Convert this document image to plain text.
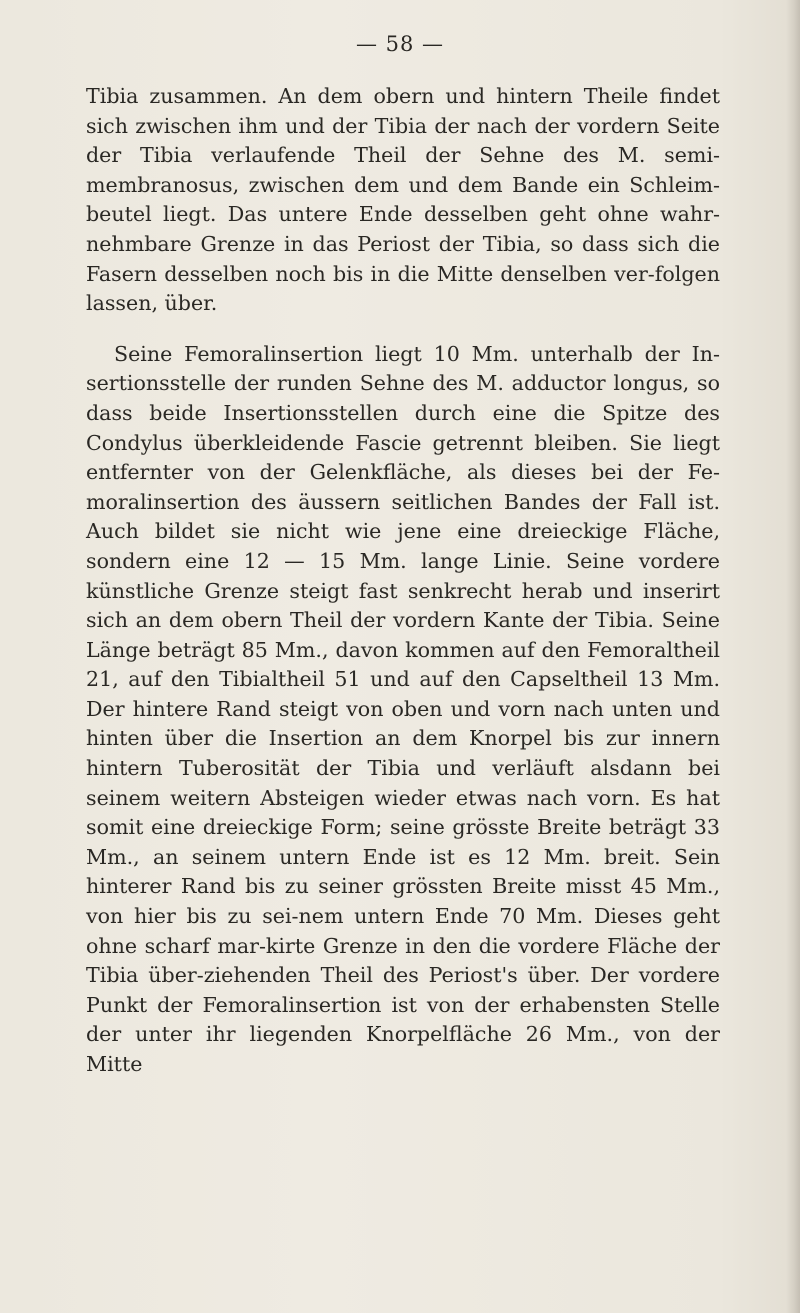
— 58 —

Tibia zusammen. An dem obern und hintern Theile findet sich zwischen ihm und der Tibia der nach der vordern Seite der Tibia verlaufende Theil der Sehne des M. semi-membranosus, zwischen dem und dem Bande ein Schleim-beutel liegt. Das untere Ende desselben geht ohne wahr-nehmbare Grenze in das Periost der Tibia, so dass sich die Fasern desselben noch bis in die Mitte denselben ver-folgen lassen, über.

Seine Femoralinsertion liegt 10 Mm. unterhalb der In-sertionsstelle der runden Sehne des M. adductor longus, so dass beide Insertionsstellen durch eine die Spitze des Condylus überkleidende Fascie getrennt bleiben. Sie liegt entfernter von der Gelenkfläche, als dieses bei der Fe-moralinsertion des äussern seitlichen Bandes der Fall ist. Auch bildet sie nicht wie jene eine dreieckige Fläche, sondern eine 12 — 15 Mm. lange Linie. Seine vordere künstliche Grenze steigt fast senkrecht herab und inserirt sich an dem obern Theil der vordern Kante der Tibia. Seine Länge beträgt 85 Mm., davon kommen auf den Femoraltheil 21, auf den Tibialtheil 51 und auf den Capseltheil 13 Mm. Der hintere Rand steigt von oben und vorn nach unten und hinten über die Insertion an dem Knorpel bis zur innern hintern Tuberosität der Tibia und verläuft alsdann bei seinem weitern Absteigen wieder etwas nach vorn. Es hat somit eine dreieckige Form; seine grösste Breite beträgt 33 Mm., an seinem untern Ende ist es 12 Mm. breit. Sein hinterer Rand bis zu seiner grössten Breite misst 45 Mm., von hier bis zu sei-nem untern Ende 70 Mm. Dieses geht ohne scharf mar-kirte Grenze in den die vordere Fläche der Tibia über-ziehenden Theil des Periost's über. Der vordere Punkt der Femoralinsertion ist von der erhabensten Stelle der unter ihr liegenden Knorpelfläche 26 Mm., von der Mitte
